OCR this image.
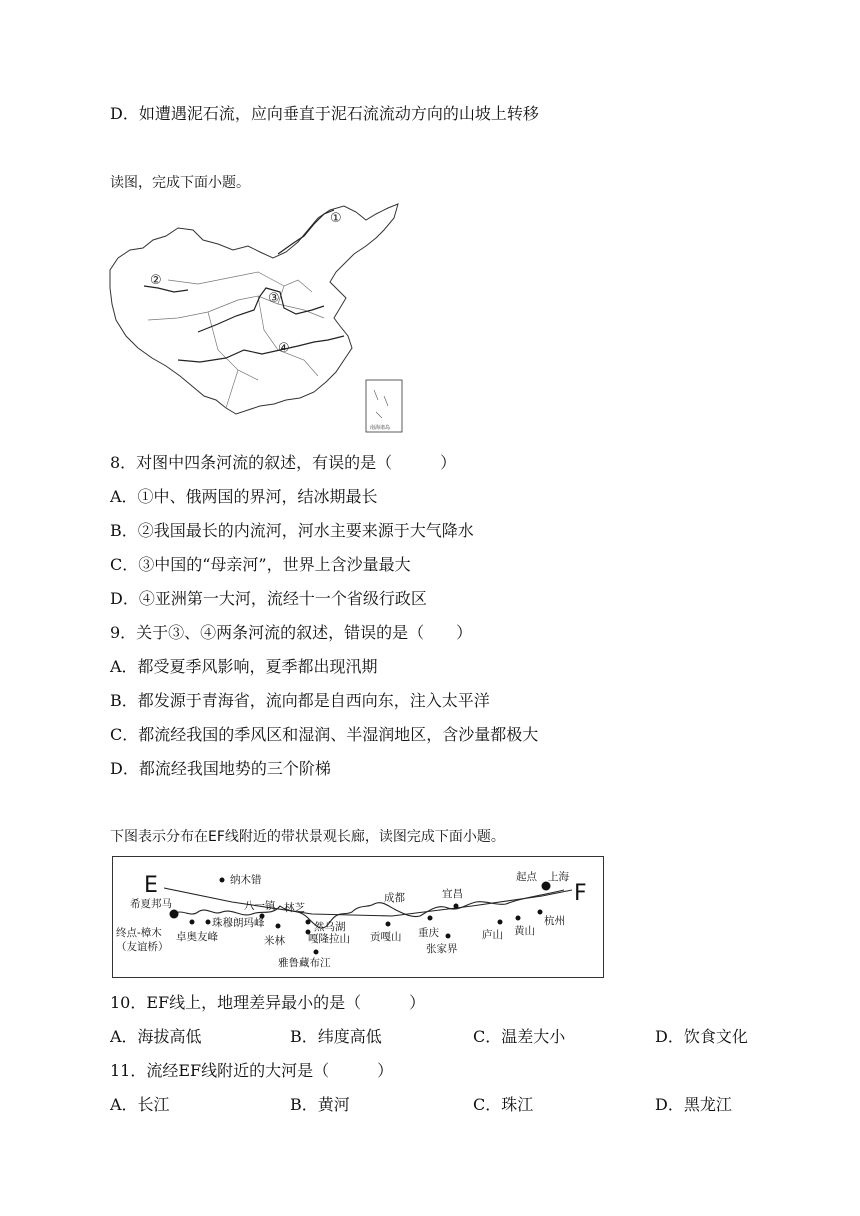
D．如遭遇泥石流，应向垂直于泥石流流动方向的山坡上转移
读图，完成下面小题。
①
②
③
④
南海诸岛
8．对图中四条河流的叙述，有误的是（　　　）
A．①中、俄两国的界河，结冰期最长
B．②我国最长的内流河，河水主要来源于大气降水
C．③中国的“母亲河”，世界上含沙量最大
D．④亚洲第一大河，流经十一个省级行政区
9．关于③、④两条河流的叙述，错误的是（　　）
A．都受夏季风影响，夏季都出现汛期
B．都发源于青海省，流向都是自西向东，注入太平洋
C．都流经我国的季风区和湿润、半湿润地区，含沙量都极大
D．都流经我国地势的三个阶梯
下图表示分布在EF线附近的带状景观长廊，读图完成下面小题。
E	F
纳木错
希夏邦马
卓奥友峰
珠穆朗玛峰
八一镇 林芝
米林
然乌湖
嘎隆拉山
雅鲁藏布江
成都
贡嘎山 重庆
张家界
宜昌
庐山 黄山
杭州
起点 上海
终点-樟木
（友谊桥）
10．EF线上，地理差异最小的是（　　　）
A．海拔高低	B．纬度高低	C．温差大小	D．饮食文化
11．流经EF线附近的大河是（　　　）
A．长江	B．黄河	C．珠江	D．黑龙江
